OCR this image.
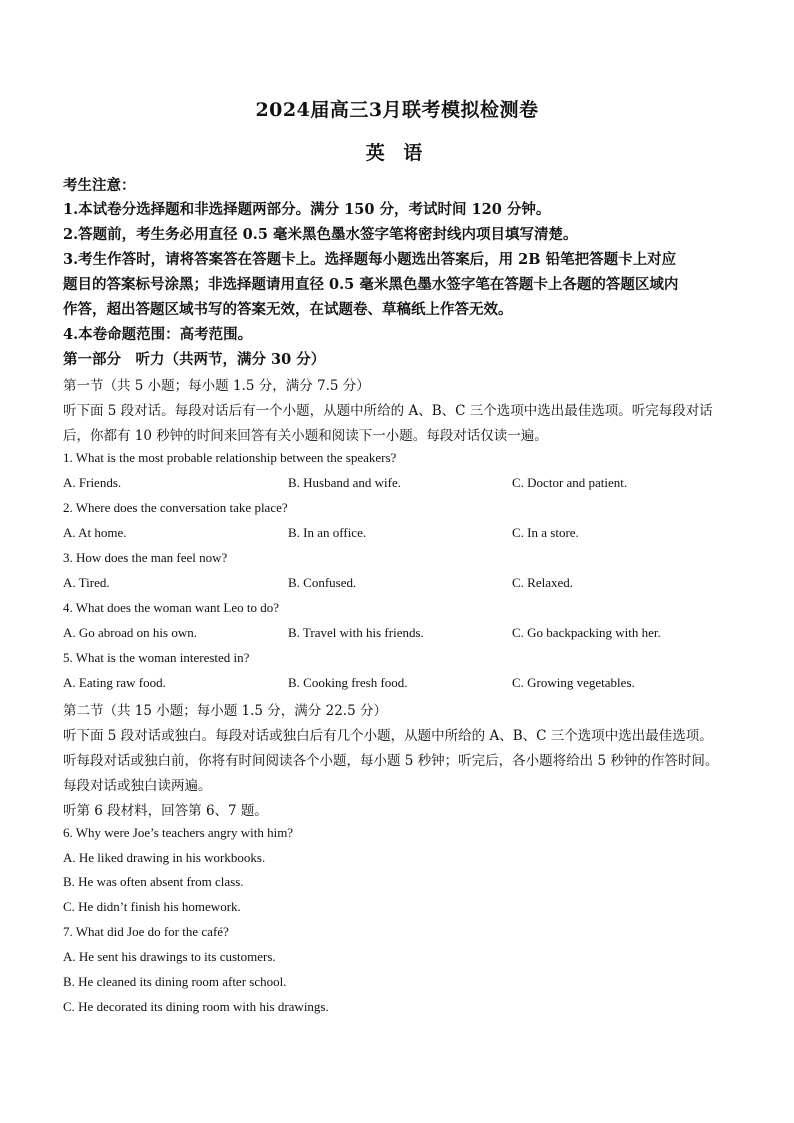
2024届高三3月联考模拟检测卷
英 语
考生注意：
1.本试卷分选择题和非选择题两部分。满分 150 分，考试时间 120 分钟。
2.答题前，考生务必用直径 0.5 毫米黑色墨水签字笔将密封线内项目填写清楚。
3.考生作答时，请将答案答在答题卡上。选择题每小题选出答案后，用 2B 铅笔把答题卡上对应
题目的答案标号涂黑；非选择题请用直径 0.5 毫米黑色墨水签字笔在答题卡上各题的答题区域内
作答，超出答题区域书写的答案无效，在试题卷、草稿纸上作答无效。
4.本卷命题范围：高考范围。
第一部分　听力（共两节，满分 30 分）
第一节（共 5 小题；每小题 1.5 分，满分 7.5 分）
听下面 5 段对话。每段对话后有一个小题，从题中所给的 A、B、C 三个选项中选出最佳选项。听完每段对话
后，你都有 10 秒钟的时间来回答有关小题和阅读下一小题。每段对话仅读一遍。
1. What is the most probable relationship between the speakers?
A. Friends.	B. Husband and wife.	C. Doctor and patient.
2. Where does the conversation take place?
A. At home.	B. In an office.	C. In a store.
3. How does the man feel now?
A. Tired.	B. Confused.	C. Relaxed.
4. What does the woman want Leo to do?
A. Go abroad on his own.	B. Travel with his friends.	C. Go backpacking with her.
5. What is the woman interested in?
A. Eating raw food.	B. Cooking fresh food.	C. Growing vegetables.
第二节（共 15 小题；每小题 1.5 分，满分 22.5 分）
听下面 5 段对话或独白。每段对话或独白后有几个小题，从题中所给的 A、B、C 三个选项中选出最佳选项。
听每段对话或独白前，你将有时间阅读各个小题，每小题 5 秒钟；听完后，各小题将给出 5 秒钟的作答时间。
每段对话或独白读两遍。
听第 6 段材料，回答第 6、7 题。
6. Why were Joe’s teachers angry with him?
A. He liked drawing in his workbooks.
B. He was often absent from class.
C. He didn’t finish his homework.
7. What did Joe do for the café?
A. He sent his drawings to its customers.
B. He cleaned its dining room after school.
C. He decorated its dining room with his drawings.
